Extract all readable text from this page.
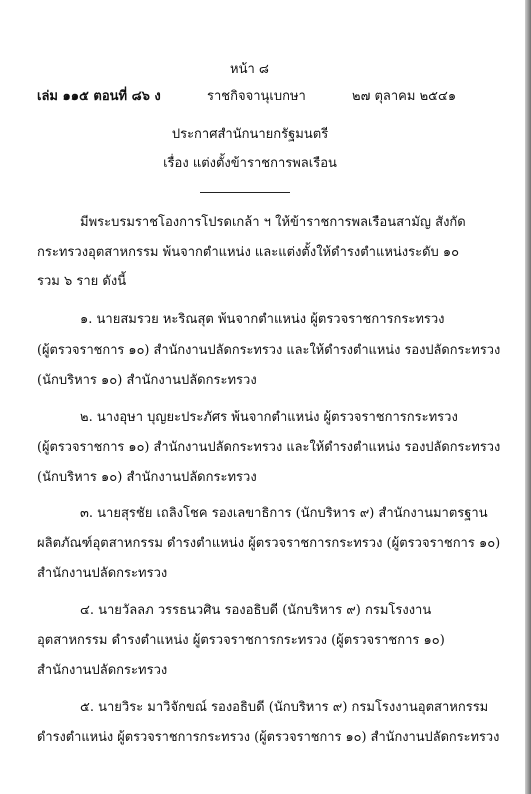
หน้า ๘
เล่ม ๑๑๕ ตอนที่ ๘๖ ง	ราชกิจจานุเบกษา	๒๗ ตุลาคม ๒๕๔๑
ประกาศสำนักนายกรัฐมนตรี
เรื่อง แต่งตั้งข้าราชการพลเรือน
มีพระบรมราชโองการโปรดเกล้า ฯ ให้ข้าราชการพลเรือนสามัญ สังกัด
กระทรวงอุตสาหกรรม พ้นจากตำแหน่ง และแต่งตั้งให้ดำรงตำแหน่งระดับ ๑๐
รวม ๖ ราย ดังนี้
๑. นายสมรวย หะริณสุต พ้นจากตำแหน่ง ผู้ตรวจราชการกระทรวง
(ผู้ตรวจราชการ ๑๐) สำนักงานปลัดกระทรวง และให้ดำรงตำแหน่ง รองปลัดกระทรวง
(นักบริหาร ๑๐) สำนักงานปลัดกระทรวง
๒. นางอุษา บุญยะประภัศร พ้นจากตำแหน่ง ผู้ตรวจราชการกระทรวง
(ผู้ตรวจราชการ ๑๐) สำนักงานปลัดกระทรวง และให้ดำรงตำแหน่ง รองปลัดกระทรวง
(นักบริหาร ๑๐) สำนักงานปลัดกระทรวง
๓. นายสุรชัย เถลิงโชค รองเลขาธิการ (นักบริหาร ๙) สำนักงานมาตรฐาน
ผลิตภัณฑ์อุตสาหกรรม ดำรงตำแหน่ง ผู้ตรวจราชการกระทรวง (ผู้ตรวจราชการ ๑๐)
สำนักงานปลัดกระทรวง
๔. นายวัลลภ วรรธนวศิน รองอธิบดี (นักบริหาร ๙) กรมโรงงาน
อุตสาหกรรม ดำรงตำแหน่ง ผู้ตรวจราชการกระทรวง (ผู้ตรวจราชการ ๑๐)
สำนักงานปลัดกระทรวง
๕. นายวิระ มาวิจักขณ์ รองอธิบดี (นักบริหาร ๙) กรมโรงงานอุตสาหกรรม
ดำรงตำแหน่ง ผู้ตรวจราชการกระทรวง (ผู้ตรวจราชการ ๑๐) สำนักงานปลัดกระทรวง
